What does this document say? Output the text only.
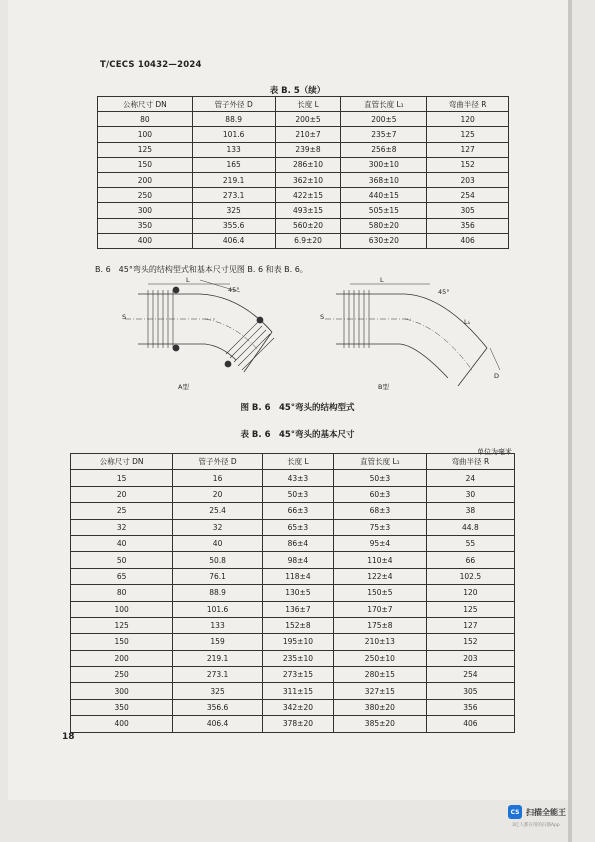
T/CECS 10432—2024
表 B. 5（续）
公称尺寸 DN	管子外径 D	长度 L	直管长度 L₁	弯曲半径 R
80	88.9	200±5	200±5	120
100	101.6	210±7	235±7	125
125	133	239±8	256±8	127
150	165	286±10	300±10	152
200	219.1	362±10	368±10	203
250	273.1	422±15	440±15	254
300	325	493±15	505±15	305
350	355.6	560±20	580±20	356
400	406.4	6.9±20	630±20	406
B. 6　45°弯头的结构型式和基本尺寸见图 B. 6 和表 B. 6。
L
45°
S
A型
L
45°
S
L₁
D
B型
图 B. 6　45°弯头的结构型式
表 B. 6　45°弯头的基本尺寸
单位为毫米
公称尺寸 DN	管子外径 D	长度 L	直管长度 L₁	弯曲半径 R
15	16	43±3	50±3	24
20	20	50±3	60±3	30
25	25.4	66±3	68±3	38
32	32	65±3	75±3	44.8
40	40	86±4	95±4	55
50	50.8	98±4	110±4	66
65	76.1	118±4	122±4	102.5
80	88.9	130±5	150±5	120
100	101.6	136±7	170±7	125
125	133	152±8	175±8	127
150	159	195±10	210±13	152
200	219.1	235±10	250±10	203
250	273.1	273±15	280±15	254
300	325	311±15	327±15	305
350	356.6	342±20	380±20	356
400	406.4	378±20	385±20	406
18
CS 扫描全能王
3亿人都在用的扫描App
